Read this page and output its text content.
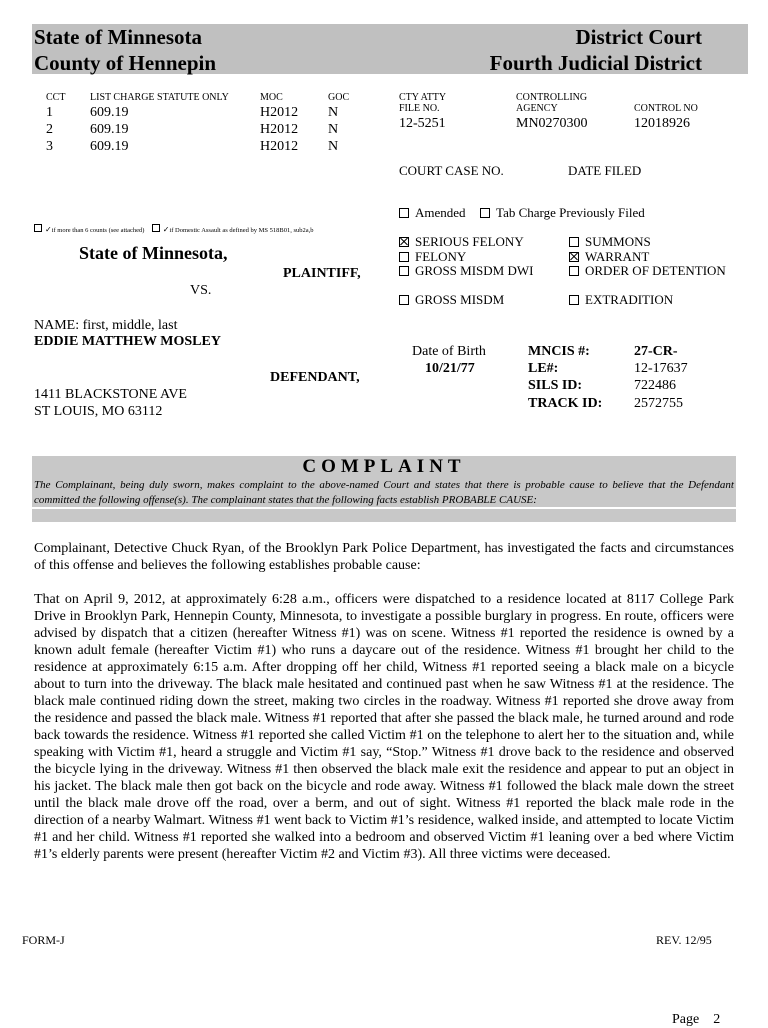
State of Minnesota
County of Hennepin
District Court
Fourth Judicial District
CCT LIST CHARGE STATUTE ONLY	MOC	GOC
1	609.19	H2012 N
2	609.19	H2012 N
3	609.19	H2012 N
CTY ATTY
FILE NO.
12-5251
CONTROLLING
AGENCY
MN0270300
CONTROL NO
12018926
COURT CASE NO.	DATE FILED
✓if more than 6 counts (see attached) ✓if Domestic Assault as defined by MS 518B01, sub2a,b
Amended Tab Charge Previously Filed
SERIOUS FELONY
FELONY
GROSS MISDM DWI
GROSS MISDM
SUMMONS
WARRANT
ORDER OF DETENTION
EXTRADITION
State of Minnesota,
PLAINTIFF,
VS.
NAME: first, middle, last
EDDIE MATTHEW MOSLEY
DEFENDANT,
1411 BLACKSTONE AVE
ST LOUIS, MO 63112
Date of Birth
10/21/77
MNCIS #:	27-CR-
LE#:	12-17637
SILS ID:	722486
TRACK ID: 2572755
COMPLAINT
The Complainant, being duly sworn, makes complaint to the above-named Court and states that there is probable cause to believe that the Defendant committed the following offense(s). The complainant states that the following facts establish PROBABLE CAUSE:
Complainant, Detective Chuck Ryan, of the Brooklyn Park Police Department, has investigated the facts and circumstances of this offense and believes the following establishes probable cause:
That on April 9, 2012, at approximately 6:28 a.m., officers were dispatched to a residence located at 8117 College Park Drive in Brooklyn Park, Hennepin County, Minnesota, to investigate a possible burglary in progress. En route, officers were advised by dispatch that a citizen (hereafter Witness #1) was on scene. Witness #1 reported the residence is owned by a known adult female (hereafter Victim #1) who runs a daycare out of the residence. Witness #1 brought her child to the residence at approximately 6:15 a.m. After dropping off her child, Witness #1 reported seeing a black male on a bicycle about to turn into the driveway. The black male hesitated and continued past when he saw Witness #1 at the residence. The black male continued riding down the street, making two circles in the roadway. Witness #1 reported she drove away from the residence and passed the black male. Witness #1 reported that after she passed the black male, he turned around and rode back towards the residence. Witness #1 reported she called Victim #1 on the telephone to alert her to the situation and, while speaking with Victim #1, heard a struggle and Victim #1 say, “Stop.” Witness #1 drove back to the residence and observed the bicycle lying in the driveway. Witness #1 then observed the black male exit the residence and appear to put an object in his jacket. The black male then got back on the bicycle and rode away. Witness #1 followed the black male down the street until the black male drove off the road, over a berm, and out of sight. Witness #1 reported the black male rode in the direction of a nearby Walmart. Witness #1 went back to Victim #1’s residence, walked inside, and attempted to locate Victim #1 and her child. Witness #1 reported she walked into a bedroom and observed Victim #1 leaning over a bed where Victim #1’s elderly parents were present (hereafter Victim #2 and Victim #3). All three victims were deceased.
FORM-J	REV. 12/95
Page 2
